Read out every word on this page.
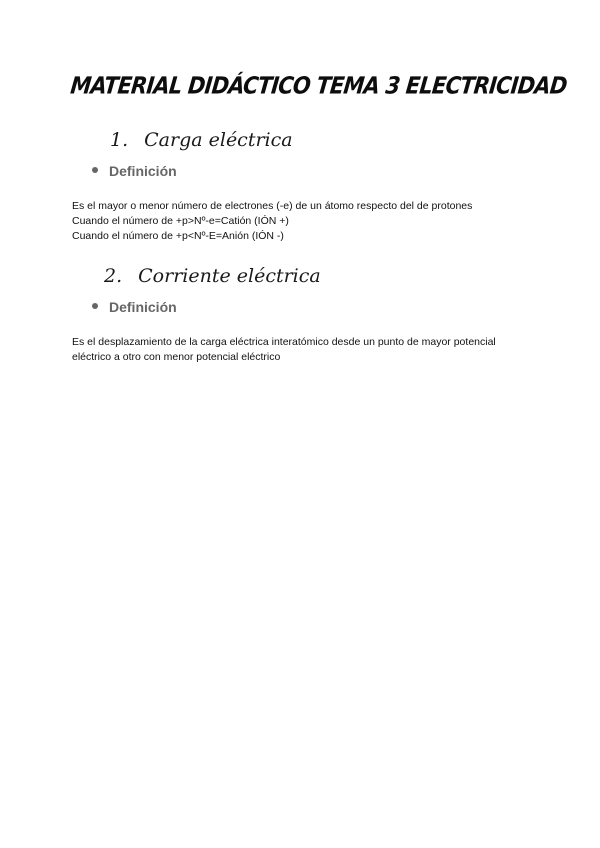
MATERIAL DIDÁCTICO TEMA 3 ELECTRICIDAD
1. Carga eléctrica
Definición
Es el mayor o menor número de electrones (-e) de un átomo respecto del de protones
Cuando el número de +p>Nº-e=Catión (IÓN +)
Cuando el número de +p<Nº-E=Anión (IÓN -)
2. Corriente eléctrica
Definición
Es el desplazamiento de la carga eléctrica interatómico desde un punto de mayor potencial
eléctrico a otro con menor potencial eléctrico
